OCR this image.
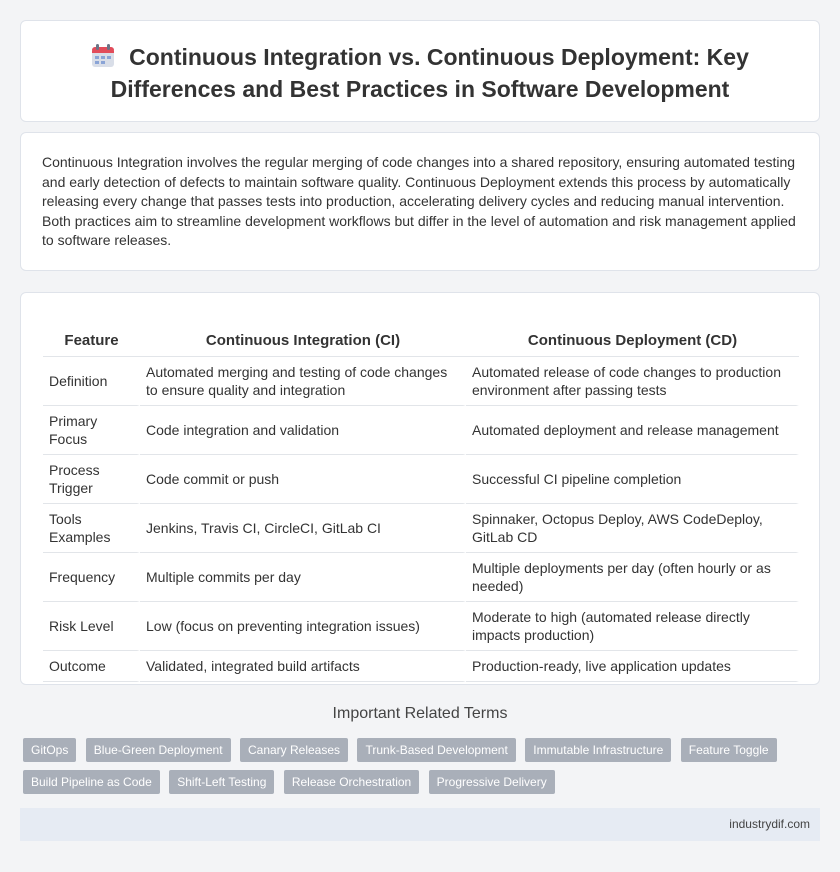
Continuous Integration vs. Continuous Deployment: Key Differences and Best Practices in Software Development

Continuous Integration involves the regular merging of code changes into a shared repository, ensuring automated testing and early detection of defects to maintain software quality. Continuous Deployment extends this process by automatically releasing every change that passes tests into production, accelerating delivery cycles and reducing manual intervention. Both practices aim to streamline development workflows but differ in the level of automation and risk management applied to software releases.

Feature	Continuous Integration (CI)	Continuous Deployment (CD)
Definition	Automated merging and testing of code changes to ensure quality and integration	Automated release of code changes to production environment after passing tests
Primary Focus	Code integration and validation	Automated deployment and release management
Process Trigger	Code commit or push	Successful CI pipeline completion
Tools Examples	Jenkins, Travis CI, CircleCI, GitLab CI	Spinnaker, Octopus Deploy, AWS CodeDeploy, GitLab CD
Frequency	Multiple commits per day	Multiple deployments per day (often hourly or as needed)
Risk Level	Low (focus on preventing integration issues)	Moderate to high (automated release directly impacts production)
Outcome	Validated, integrated build artifacts	Production-ready, live application updates
Important Related Terms
GitOps Blue-Green Deployment Canary Releases Trunk-Based Development Immutable Infrastructure Feature Toggle Build Pipeline as Code Shift-Left Testing Release Orchestration Progressive Delivery
industrydif.com
